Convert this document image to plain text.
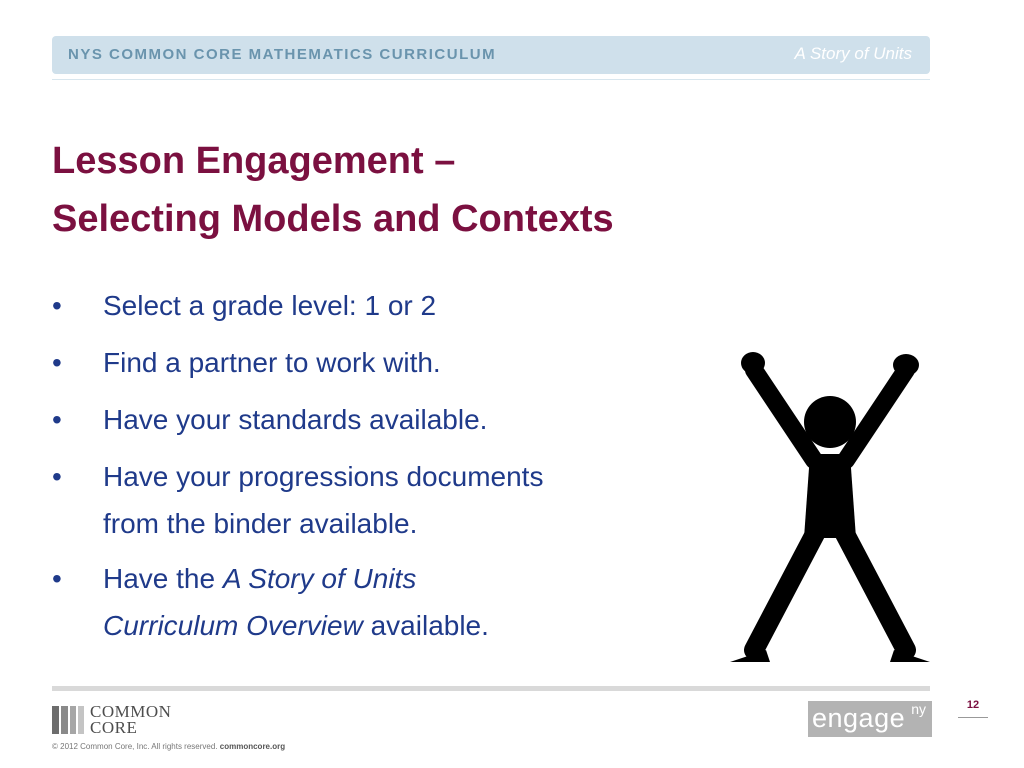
NYS COMMON CORE MATHEMATICS CURRICULUM	A Story of Units
Lesson Engagement –
Selecting Models and Contexts
• Select a grade level: 1 or 2
• Find a partner to work with.
• Have your standards available.
• Have your progressions documents
from the binder available.
• Have the A Story of Units
Curriculum Overview available.
COMMON
CORE
© 2012 Common Core, Inc. All rights reserved. commoncore.org
engage ny	12
